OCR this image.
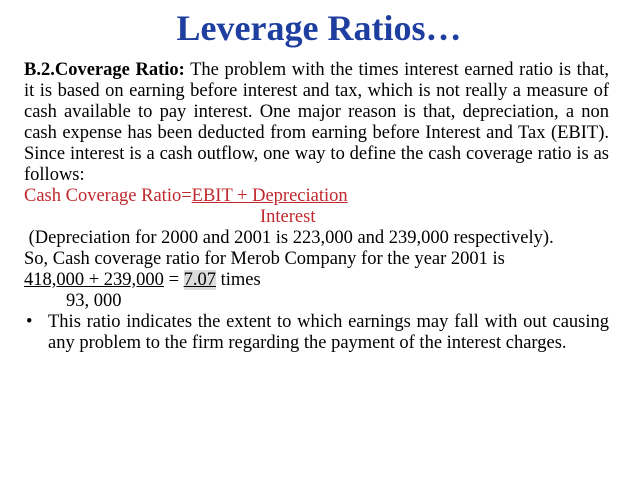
Leverage Ratios…

B.2.Coverage Ratio: The problem with the times interest earned ratio is that, it is based on earning before interest and tax, which is not really a measure of cash available to pay interest. One major reason is that, depreciation, a non cash expense has been deducted from earning before Interest and Tax (EBIT). Since interest is a cash outflow, one way to define the cash coverage ratio is as follows:

Cash Coverage Ratio=EBIT + Depreciation

Interest

(Depreciation for 2000 and 2001 is 223,000 and 239,000 respectively).

So, Cash coverage ratio for Merob Company for the year 2001 is

418,000 + 239,000 = 7.07 times

93, 000

• This ratio indicates the extent to which earnings may fall with out causing any problem to the firm regarding the payment of the interest charges.
